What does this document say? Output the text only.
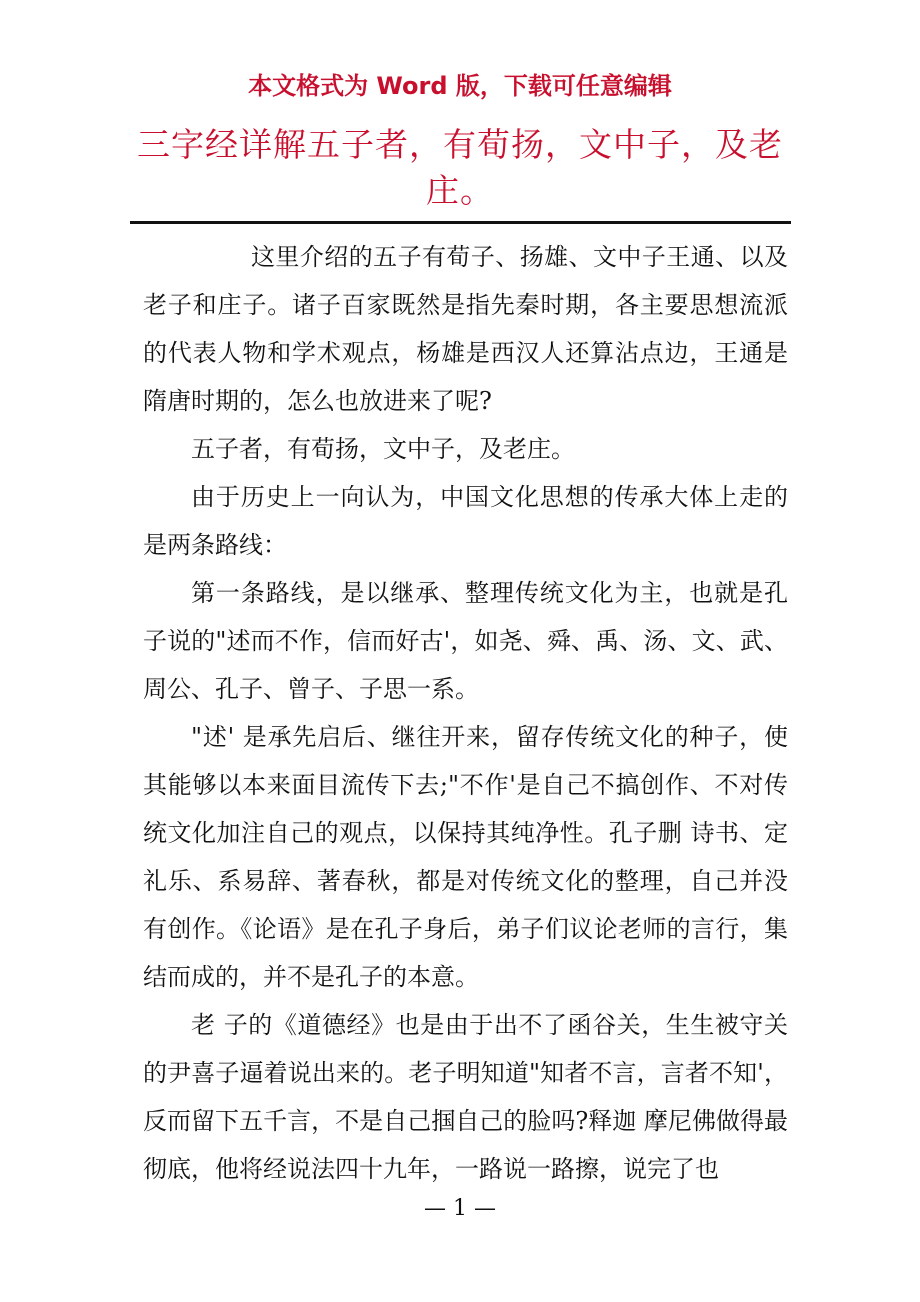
本文格式为 Word 版，下载可任意编辑
三字经详解五子者，有荀扬，文中子，及老庄。

这里介绍的五子有荀子、扬雄、文中子王通、以及老子和庄子。诸子百家既然是指先秦时期，各主要思想流派的代表人物和学术观点，杨雄是西汉人还算沾点边，王通是隋唐时期的，怎么也放进来了呢?

五子者，有荀扬，文中子，及老庄。

由于历史上一向认为，中国文化思想的传承大体上走的是两条路线：

第一条路线，是以继承、整理传统文化为主，也就是孔子说的"述而不作，信而好古'，如尧、舜、禹、汤、文、武、周公、孔子、曾子、子思一系。

"述' 是承先启后、继往开来，留存传统文化的种子，使其能够以本来面目流传下去;"不作'是自己不搞创作、不对传统文化加注自己的观点，以保持其纯净性。孔子删 诗书、定礼乐、系易辞、著春秋，都是对传统文化的整理，自己并没有创作。《论语》是在孔子身后，弟子们议论老师的言行，集结而成的，并不是孔子的本意。

老 子的《道德经》也是由于出不了函谷关，生生被守关的尹喜子逼着说出来的。老子明知道"知者不言，言者不知'，反而留下五千言，不是自己掴自己的脸吗?释迦 摩尼佛做得最彻底，他将经说法四十九年，一路说一路擦，说完了也

— 1 —
